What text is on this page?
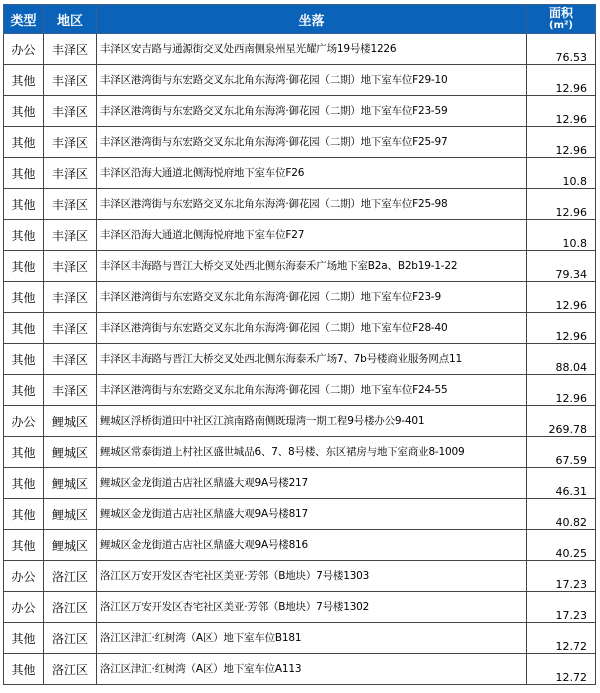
类型	地区	坐落	面积
(m²)

办公	丰泽区	丰泽区安吉路与通源街交叉处西南侧泉州星光耀广场19号楼1226	76.53
其他	丰泽区	丰泽区港湾街与东宏路交叉东北角东海湾·御花园（二期）地下室车位F29-10	12.96
其他	丰泽区	丰泽区港湾街与东宏路交叉东北角东海湾·御花园（二期）地下室车位F23-59	12.96
其他	丰泽区	丰泽区港湾街与东宏路交叉东北角东海湾·御花园（二期）地下室车位F25-97	12.96
其他	丰泽区	丰泽区沿海大通道北侧海悦府地下室车位F26	10.8
其他	丰泽区	丰泽区港湾街与东宏路交叉东北角东海湾·御花园（二期）地下室车位F25-98	12.96
其他	丰泽区	丰泽区沿海大通道北侧海悦府地下室车位F27	10.8
其他	丰泽区	丰泽区丰海路与晋江大桥交叉处西北侧东海泰禾广场地下室B2a、B2b19-1-22	79.34
其他	丰泽区	丰泽区港湾街与东宏路交叉东北角东海湾·御花园（二期）地下室车位F23-9	12.96
其他	丰泽区	丰泽区港湾街与东宏路交叉东北角东海湾·御花园（二期）地下室车位F28-40	12.96
其他	丰泽区	丰泽区丰海路与晋江大桥交叉处西北侧东海泰禾广场7、7b号楼商业服务网点11	88.04
其他	丰泽区	丰泽区港湾街与东宏路交叉东北角东海湾·御花园（二期）地下室车位F24-55	12.96
办公	鲤城区	鲤城区浮桥街道田中社区江滨南路南侧既璟湾一期工程9号楼办公9-401	269.78
其他	鲤城区	鲤城区常泰街道上村社区盛世城品6、7、8号楼、东区裙房与地下室商业8-1009	67.59
其他	鲤城区	鲤城区金龙街道古店社区鼎盛大观9A号楼217	46.31
其他	鲤城区	鲤城区金龙街道古店社区鼎盛大观9A号楼817	40.82
其他	鲤城区	鲤城区金龙街道古店社区鼎盛大观9A号楼816	40.25
办公	洛江区	洛江区万安开发区杏宅社区美亚·芳邻（B地块）7号楼1303	17.23
办公	洛江区	洛江区万安开发区杏宅社区美亚·芳邻（B地块）7号楼1302	17.23
其他	洛江区	洛江区津汇·红树湾（A区）地下室车位B181	12.72
其他	洛江区	洛江区津汇·红树湾（A区）地下室车位A113	12.72
